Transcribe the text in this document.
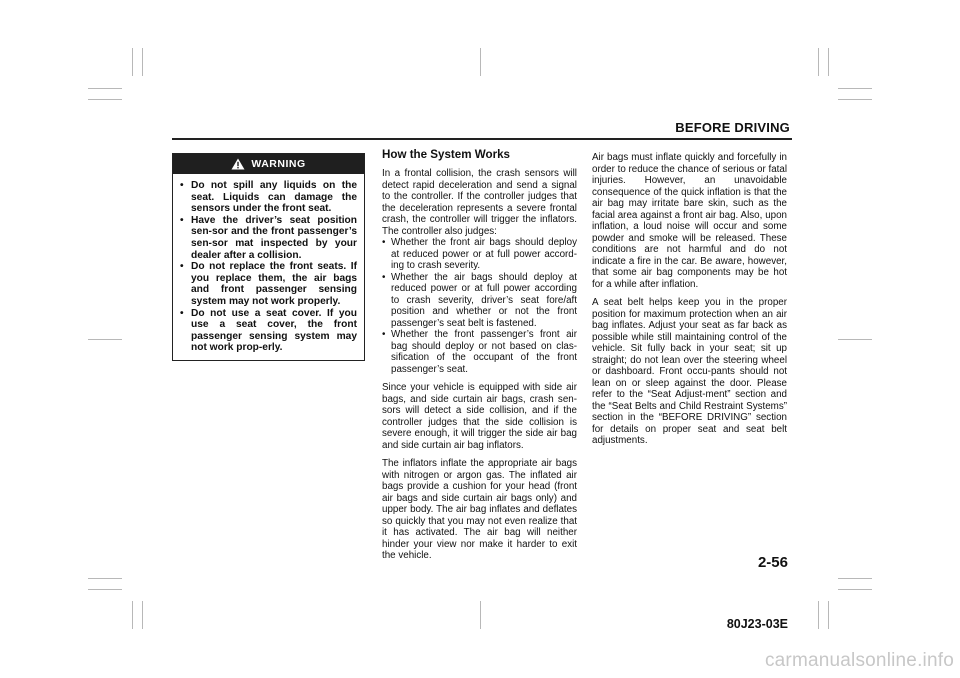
BEFORE DRIVING
WARNING
• Do not spill any liquids on the seat. Liquids can damage the sensors under the front seat.
• Have the driver’s seat position sen-sor and the front passenger’s sen-sor mat inspected by your dealer after a collision.
• Do not replace the front seats. If you replace them, the air bags and front passenger sensing system may not work properly.
• Do not use a seat cover. If you use a seat cover, the front passenger sensing system may not work prop-erly.

How the System Works

In a frontal collision, the crash sensors will detect rapid deceleration and send a signal to the controller. If the controller judges that the deceleration represents a severe frontal crash, the controller will trigger the inflators. The controller also judges:

• Whether the front air bags should deploy at reduced power or at full power accord-ing to crash severity.
• Whether the air bags should deploy at reduced power or at full power according to crash severity, driver’s seat fore/aft position and whether or not the front passenger’s seat belt is fastened.
• Whether the front passenger’s front air bag should deploy or not based on clas-sification of the occupant of the front passenger’s seat.

Since your vehicle is equipped with side air bags, and side curtain air bags, crash sen-sors will detect a side collision, and if the controller judges that the side collision is severe enough, it will trigger the side air bag and side curtain air bag inflators.

The inflators inflate the appropriate air bags with nitrogen or argon gas. The inflated air bags provide a cushion for your head (front air bags and side curtain air bags only) and upper body. The air bag inflates and deflates so quickly that you may not even realize that it has activated. The air bag will neither hinder your view nor make it harder to exit the vehicle.

Air bags must inflate quickly and forcefully in order to reduce the chance of serious or fatal injuries. However, an unavoidable consequence of the quick inflation is that the air bag may irritate bare skin, such as the facial area against a front air bag. Also, upon inflation, a loud noise will occur and some powder and smoke will be released. These conditions are not harmful and do not indicate a fire in the car. Be aware, however, that some air bag components may be hot for a while after inflation.

A seat belt helps keep you in the proper position for maximum protection when an air bag inflates. Adjust your seat as far back as possible while still maintaining control of the vehicle. Sit fully back in your seat; sit up straight; do not lean over the steering wheel or dashboard. Front occu-pants should not lean on or sleep against the door. Please refer to the “Seat Adjust-ment” section and the “Seat Belts and Child Restraint Systems” section in the “BEFORE DRIVING” section for details on proper seat and seat belt adjustments.

2-56
80J23-03E
carmanualsonline.info
